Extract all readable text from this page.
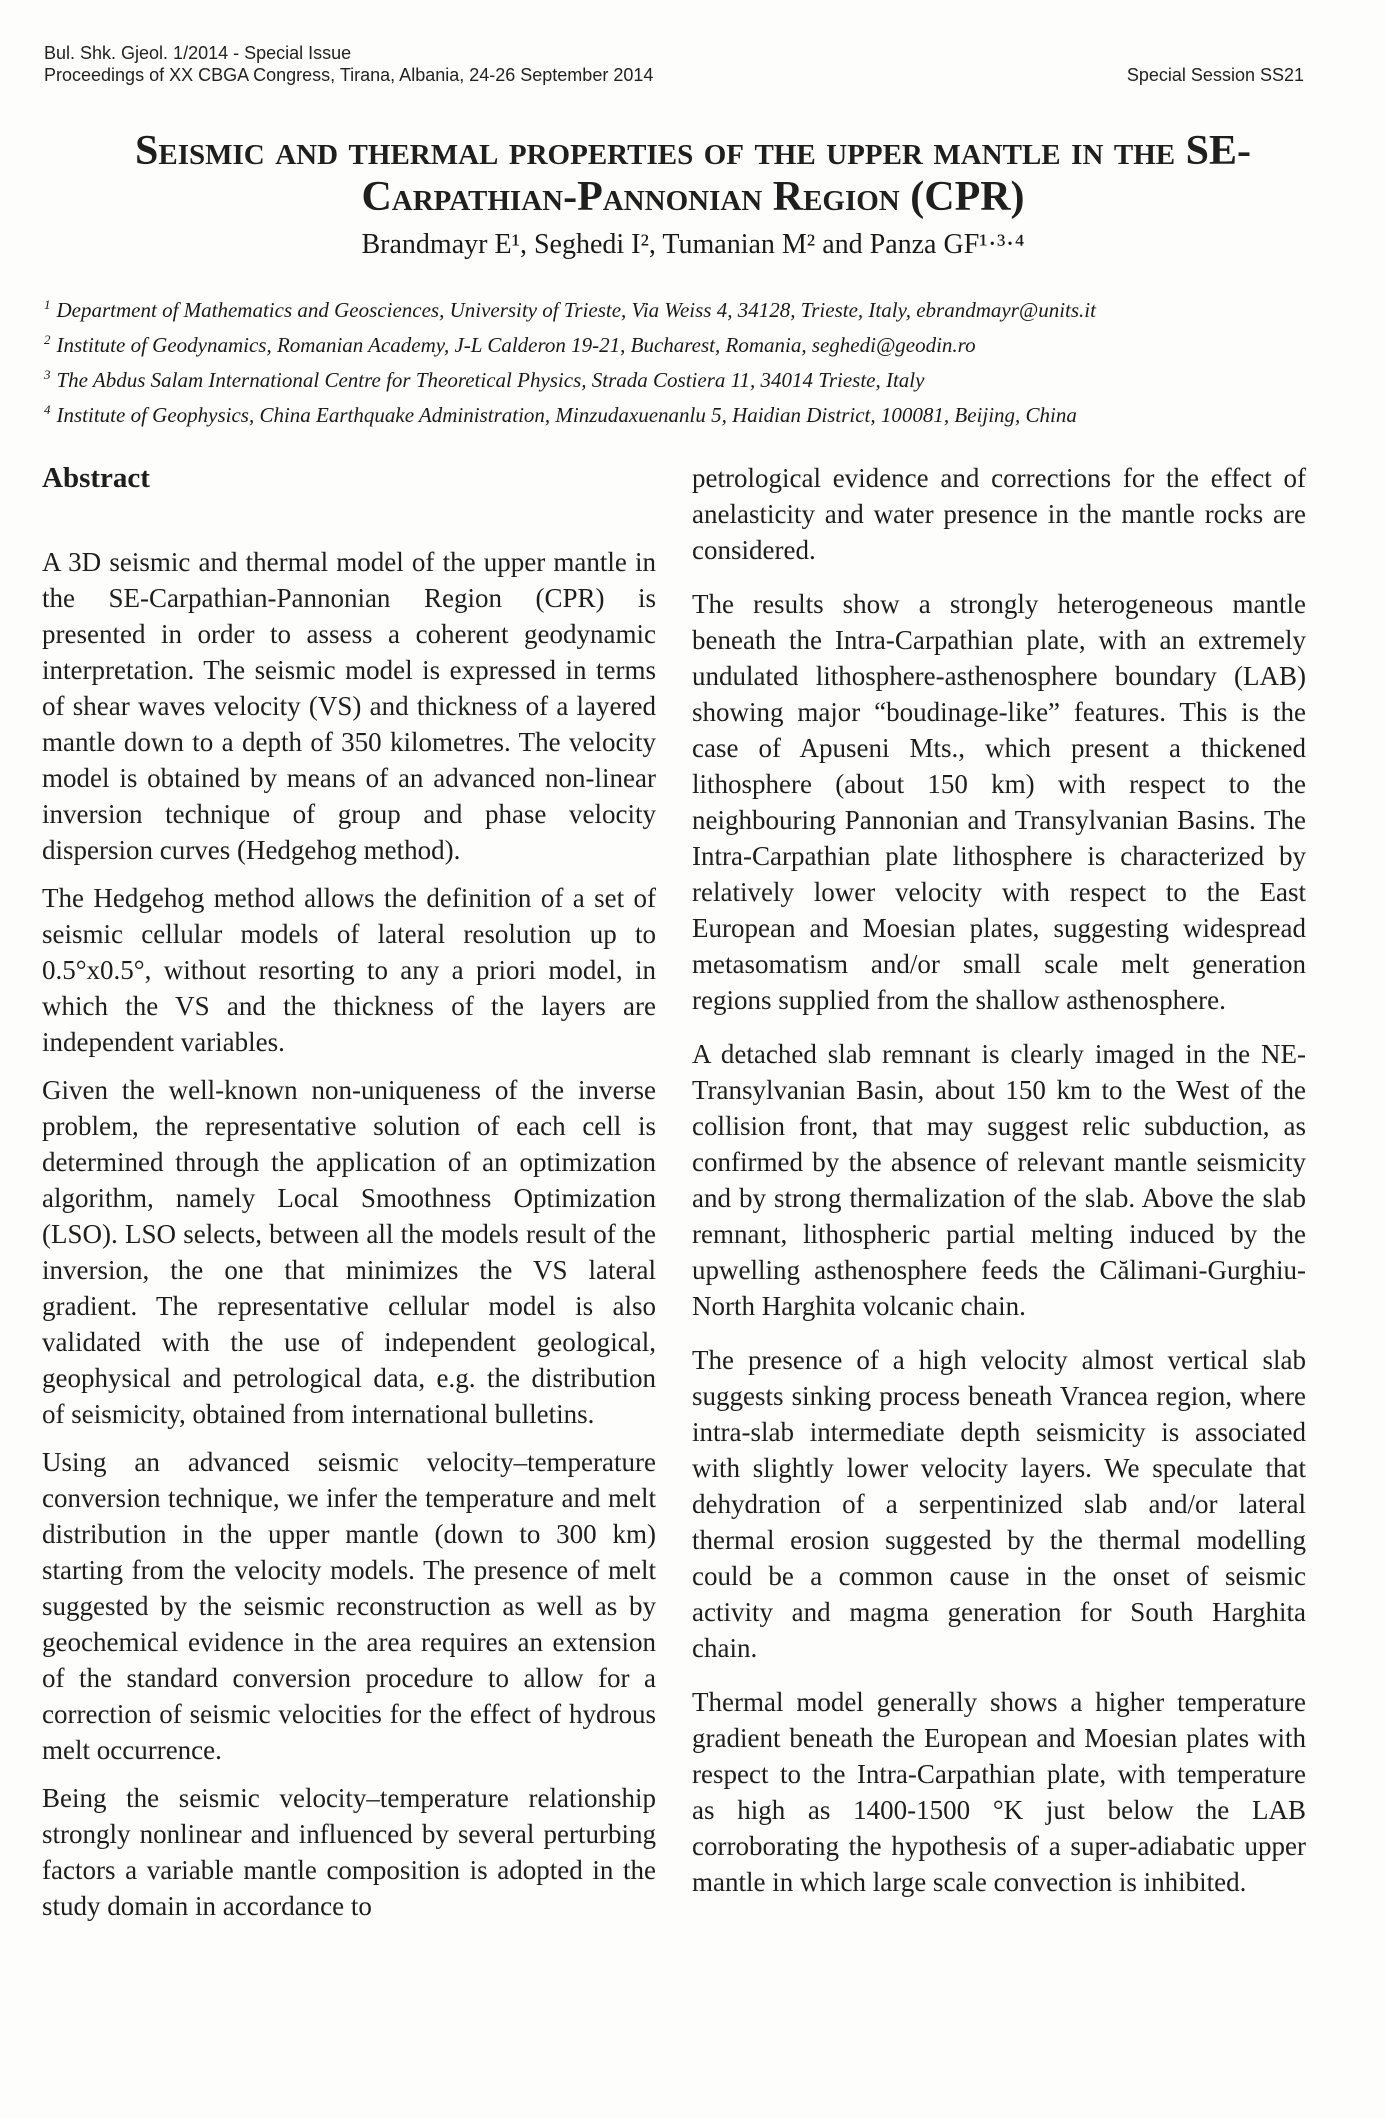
Bul. Shk. Gjeol. 1/2014 - Special Issue
Proceedings of XX CBGA Congress, Tirana, Albania, 24-26 September 2014	Special Session SS21
Seismic and thermal properties of the upper mantle in the SE-Carpathian-Pannonian Region (CPR)
Brandmayr E¹, Seghedi I², Tumanian M² and Panza GF¹·³·⁴
$^1$ Department of Mathematics and Geosciences, University of Trieste, Via Weiss 4, 34128, Trieste, Italy, ebrandmayr@units.it
$^2$ Institute of Geodynamics, Romanian Academy, J-L Calderon 19-21, Bucharest, Romania, seghedi@geodin.ro
$^3$ The Abdus Salam International Centre for Theoretical Physics, Strada Costiera 11, 34014 Trieste, Italy
$^4$ Institute of Geophysics, China Earthquake Administration, Minzudaxuenanlu 5, Haidian District, 100081, Beijing, China
Abstract

A 3D seismic and thermal model of the upper mantle in the SE-Carpathian-Pannonian Region (CPR) is presented in order to assess a coherent geodynamic interpretation. The seismic model is expressed in terms of shear waves velocity (VS) and thickness of a layered mantle down to a depth of 350 kilometres. The velocity model is obtained by means of an advanced non-linear inversion technique of group and phase velocity dispersion curves (Hedgehog method).

The Hedgehog method allows the definition of a set of seismic cellular models of lateral resolution up to 0.5°x0.5°, without resorting to any a priori model, in which the VS and the thickness of the layers are independent variables.

Given the well-known non-uniqueness of the inverse problem, the representative solution of each cell is determined through the application of an optimization algorithm, namely Local Smoothness Optimization (LSO). LSO selects, between all the models result of the inversion, the one that minimizes the VS lateral gradient. The representative cellular model is also validated with the use of independent geological, geophysical and petrological data, e.g. the distribution of seismicity, obtained from international bulletins.

Using an advanced seismic velocity–temperature conversion technique, we infer the temperature and melt distribution in the upper mantle (down to 300 km) starting from the velocity models. The presence of melt suggested by the seismic reconstruction as well as by geochemical evidence in the area requires an extension of the standard conversion procedure to allow for a correction of seismic velocities for the effect of hydrous melt occurrence.

Being the seismic velocity–temperature relationship strongly nonlinear and influenced by several perturbing factors a variable mantle composition is adopted in the study domain in accordance to

petrological evidence and corrections for the effect of anelasticity and water presence in the mantle rocks are considered.

The results show a strongly heterogeneous mantle beneath the Intra-Carpathian plate, with an extremely undulated lithosphere-asthenosphere boundary (LAB) showing major “boudinage-like” features. This is the case of Apuseni Mts., which present a thickened lithosphere (about 150 km) with respect to the neighbouring Pannonian and Transylvanian Basins. The Intra-Carpathian plate lithosphere is characterized by relatively lower velocity with respect to the East European and Moesian plates, suggesting widespread metasomatism and/or small scale melt generation regions supplied from the shallow asthenosphere.

A detached slab remnant is clearly imaged in the NE-Transylvanian Basin, about 150 km to the West of the collision front, that may suggest relic subduction, as confirmed by the absence of relevant mantle seismicity and by strong thermalization of the slab. Above the slab remnant, lithospheric partial melting induced by the upwelling asthenosphere feeds the Călimani-Gurghiu-North Harghita volcanic chain.

The presence of a high velocity almost vertical slab suggests sinking process beneath Vrancea region, where intra-slab intermediate depth seismicity is associated with slightly lower velocity layers. We speculate that dehydration of a serpentinized slab and/or lateral thermal erosion suggested by the thermal modelling could be a common cause in the onset of seismic activity and magma generation for South Harghita chain.

Thermal model generally shows a higher temperature gradient beneath the European and Moesian plates with respect to the Intra-Carpathian plate, with temperature as high as 1400-1500 °K just below the LAB corroborating the hypothesis of a super-adiabatic upper mantle in which large scale convection is inhibited.
